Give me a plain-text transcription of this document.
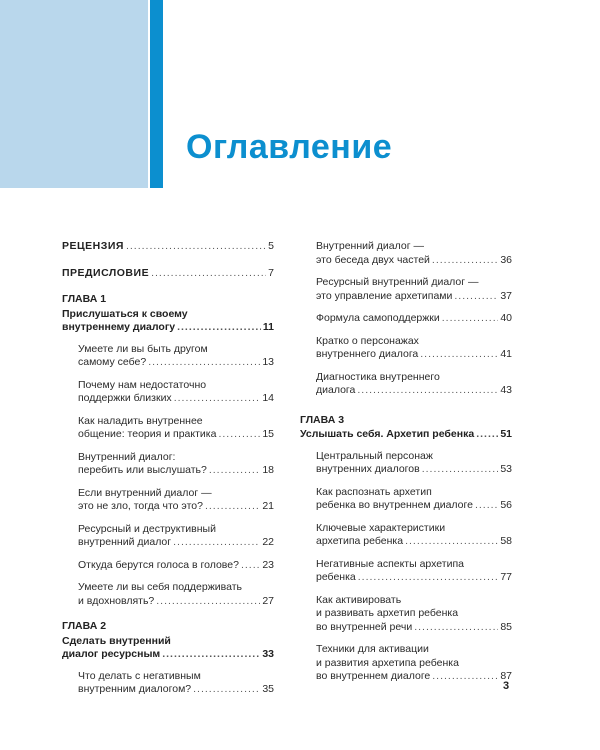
Оглавление
РЕЦЕНЗИЯ .....	5
ПРЕДИСЛОВИЕ .....	7
ГЛАВА 1
Прислушаться к своему
внутреннему диалогу .....	11
Умеете ли вы быть другом
самому себе? .....	13
Почему нам недостаточно
поддержки близких .....	14
Как наладить внутреннее
общение: теория и практика .....	15
Внутренний диалог:
перебить или выслушать? .....	18
Если внутренний диалог —
это не зло, тогда что это? .....	21
Ресурсный и деструктивный
внутренний диалог .....	22
Откуда берутся голоса в голове? ..... 23
Умеете ли вы себя поддерживать
и вдохновлять? .....	27
ГЛАВА 2
Сделать внутренний
диалог ресурсным .....	33
Что делать с негативным
внутренним диалогом? .....	35
Внутренний диалог —
это беседа двух частей .....	36
Ресурсный внутренний диалог —
это управление архетипами .....	37
Формула самоподдержки .....	40
Кратко о персонажах
внутреннего диалога .....	41
Диагностика внутреннего
диалога .....	43
ГЛАВА 3
Услышать себя. Архетип ребенка ..... 51
Центральный персонаж
внутренних диалогов .....	53
Как распознать архетип
ребенка во внутреннем диалоге .....	56
Ключевые характеристики
архетипа ребенка .....	58
Негативные аспекты архетипа
ребенка .....	77
Как активировать
и развивать архетип ребенка
во внутренней речи .....	85
Техники для активации
и развития архетипа ребенка
во внутреннем диалоге .....	87
3
